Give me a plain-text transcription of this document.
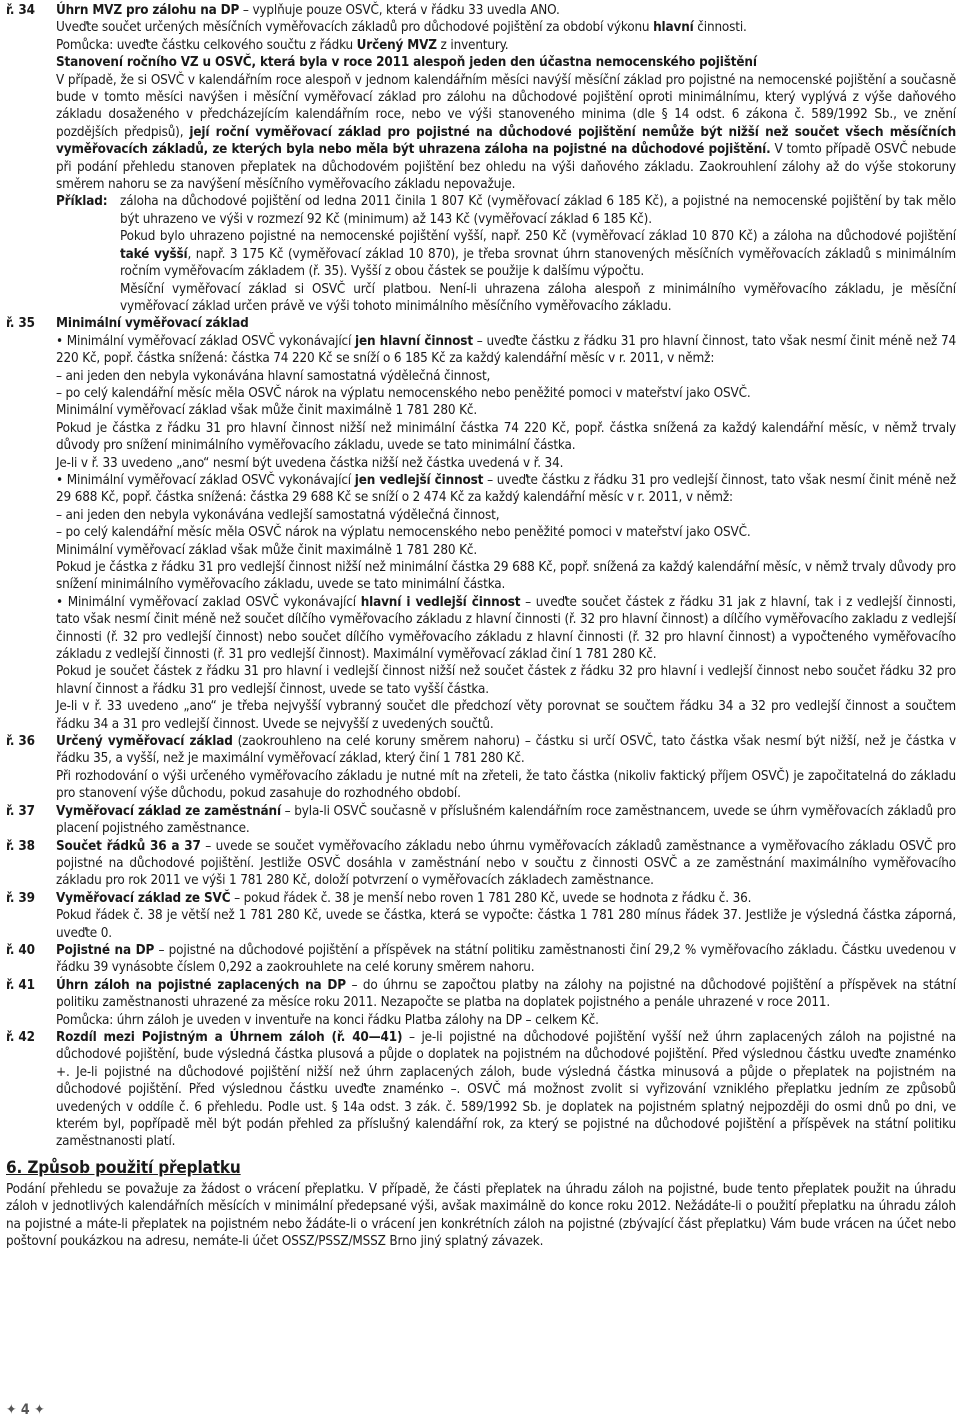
ř. 34	Úhrn MVZ pro zálohu na DP – vyplňuje pouze OSVČ, která v řádku 33 uvedla ANO.

Uveďte součet určených měsíčních vyměřovacích základů pro důchodové pojištění za období výkonu hlavní činnosti.

Pomůcka: uveďte částku celkového součtu z řádku Určený MVZ z inventury.

Stanovení ročního VZ u OSVČ, která byla v roce 2011 alespoň jeden den účastna nemocenského pojištění

V případě, že si OSVČ v kalendářním roce alespoň v jednom kalendářním měsíci navýší měsíční základ pro pojistné na nemocenské pojištění a současně bude v tomto měsíci navýšen i měsíční vyměřovací základ pro zálohu na důchodové pojištění oproti minimálnímu, který vyplývá z výše daňového základu dosaženého v předcházejícím kalendářním roce, nebo ve výši stanoveného minima (dle § 14 odst. 6 zákona č. 589/1992 Sb., ve znění pozdějších předpisů), její roční vyměřovací základ pro pojistné na důchodové pojištění nemůže být nižší než součet všech měsíčních vyměřovacích základů, ze kterých byla nebo měla být uhrazena záloha na pojistné na důchodové pojištění. V tomto případě OSVČ nebude při podání přehledu stanoven přeplatek na důchodovém pojištění bez ohledu na výši daňového základu. Zaokrouhlení zálohy až do výše stokoruny směrem nahoru se za navýšení měsíčního vyměřovacího základu nepovažuje.

Příklad: záloha na důchodové pojištění od ledna 2011 činila 1 807 Kč (vyměřovací základ 6 185 Kč), a pojistné na nemocenské pojištění by tak mělo být uhrazeno ve výši v rozmezí 92 Kč (minimum) až 143 Kč (vyměřovací základ 6 185 Kč).

Pokud bylo uhrazeno pojistné na nemocenské pojištění vyšší, např. 250 Kč (vyměřovací základ 10 870 Kč) a záloha na důchodové pojištění také vyšší, např. 3 175 Kč (vyměřovací základ 10 870), je třeba srovnat úhrn stanovených měsíčních vyměřovacích základů s minimálním ročním vyměřovacím základem (ř. 35). Vyšší z obou částek se použije k dalšímu výpočtu.

Měsíční vyměřovací základ si OSVČ určí platbou. Není-li uhrazena záloha alespoň z minimálního vyměřovacího základu, je měsíční vyměřovací základ určen právě ve výši tohoto minimálního měsíčního vyměřovacího základu.

ř. 35	Minimální vyměřovací základ

• Minimální vyměřovací základ OSVČ vykonávající jen hlavní činnost – uveďte částku z řádku 31 pro hlavní činnost, tato však nesmí činit méně než 74 220 Kč, popř. částka snížená: částka 74 220 Kč se sníží o 6 185 Kč za každý kalendářní měsíc v r. 2011, v němž:

– ani jeden den nebyla vykonávána hlavní samostatná výdělečná činnost,

– po celý kalendářní měsíc měla OSVČ nárok na výplatu nemocenského nebo peněžité pomoci v mateřství jako OSVČ.

Minimální vyměřovací základ však může činit maximálně 1 781 280 Kč.

Pokud je částka z řádku 31 pro hlavní činnost nižší než minimální částka 74 220 Kč, popř. částka snížená za každý kalendářní měsíc, v němž trvaly důvody pro snížení minimálního vyměřovacího základu, uvede se tato minimální částka.

Je-li v ř. 33 uvedeno „ano“ nesmí být uvedena částka nižší než částka uvedená v ř. 34.

• Minimální vyměřovací základ OSVČ vykonávající jen vedlejší činnost – uveďte částku z řádku 31 pro vedlejší činnost, tato však nesmí činit méně než 29 688 Kč, popř. částka snížená: částka 29 688 Kč se sníží o 2 474 Kč za každý kalendářní měsíc v r. 2011, v němž:

– ani jeden den nebyla vykonávána vedlejší samostatná výdělečná činnost,

– po celý kalendářní měsíc měla OSVČ nárok na výplatu nemocenského nebo peněžité pomoci v mateřství jako OSVČ.

Minimální vyměřovací základ však může činit maximálně 1 781 280 Kč.

Pokud je částka z řádku 31 pro vedlejší činnost nižší než minimální částka 29 688 Kč, popř. snížená za každý kalendářní měsíc, v němž trvaly důvody pro snížení minimálního vyměřovacího základu, uvede se tato minimální částka.

• Minimální vyměřovací zaklad OSVČ vykonávající hlavní i vedlejší činnost – uveďte součet částek z řádku 31 jak z hlavní, tak i z vedlejší činnosti, tato však nesmí činit méně než součet dílčího vyměřovacího základu z hlavní činnosti (ř. 32 pro hlavní činnost) a dílčího vyměřovacího zakladu z vedlejší činnosti (ř. 32 pro vedlejší činnost) nebo součet dílčího vyměřovacího základu z hlavní činnosti (ř. 32 pro hlavní činnost) a vypočteného vyměřovacího základu z vedlejší činnosti (ř. 31 pro vedlejší činnost). Maximální vyměřovací základ činí 1 781 280 Kč.

Pokud je součet částek z řádku 31 pro hlavní i vedlejší činnost nižší než součet částek z řádku 32 pro hlavní i vedlejší činnost nebo součet řádku 32 pro hlavní činnost a řádku 31 pro vedlejší činnost, uvede se tato vyšší částka.

Je-li v ř. 33 uvedeno „ano“ je třeba nejvyšší vybranný součet dle předchozí věty porovnat se součtem řádku 34 a 32 pro vedlejší činnost a součtem řádku 34 a 31 pro vedlejší činnost. Uvede se nejvyšší z uvedených součtů.

ř. 36	Určený vyměřovací základ (zaokrouhleno na celé koruny směrem nahoru) – částku si určí OSVČ, tato částka však nesmí být nižší, než je částka v řádku 35, a vyšší, než je maximální vyměřovací základ, který činí 1 781 280 Kč.

Při rozhodování o výši určeného vyměřovacího základu je nutné mít na zřeteli, že tato částka (nikoliv faktický příjem OSVČ) je započitatelná do základu pro stanovení výše důchodu, pokud zasahuje do rozhodného období.

ř. 37	Vyměřovací základ ze zaměstnání – byla-li OSVČ současně v příslušném kalendářním roce zaměstnancem, uvede se úhrn vyměřovacích základů pro placení pojistného zaměstnance.

ř. 38	Součet řádků 36 a 37 – uvede se součet vyměřovacího základu nebo úhrnu vyměřovacích základů zaměstnance a vyměřovacího základu OSVČ pro pojistné na důchodové pojištění. Jestliže OSVČ dosáhla v zaměstnání nebo v součtu z činnosti OSVČ a ze zaměstnání maximálního vyměřovacího základu pro rok 2011 ve výši 1 781 280 Kč, doloží potvrzení o vyměřovacích základech zaměstnance.

ř. 39	Vyměřovací základ ze SVČ – pokud řádek č. 38 je menší nebo roven 1 781 280 Kč, uvede se hodnota z řádku č. 36.

Pokud řádek č. 38 je větší než 1 781 280 Kč, uvede se částka, která se vypočte: částka 1 781 280 mínus řádek 37. Jestliže je výsledná částka záporná, uveďte 0.

ř. 40	Pojistné na DP – pojistné na důchodové pojištění a příspěvek na státní politiku zaměstnanosti činí 29,2 % vyměřovacího základu. Částku uvedenou v řádku 39 vynásobte číslem 0,292 a zaokrouhlete na celé koruny směrem nahoru.

ř. 41	Úhrn záloh na pojistné zaplacených na DP – do úhrnu se započtou platby na zálohy na pojistné na důchodové pojištění a příspěvek na státní politiku zaměstnanosti uhrazené za měsíce roku 2011. Nezapočte se platba na doplatek pojistného a penále uhrazené v roce 2011.

Pomůcka: úhrn záloh je uveden v inventuře na konci řádku Platba zálohy na DP – celkem Kč.

ř. 42	Rozdíl mezi Pojistným a Úhrnem záloh (ř. 40—41) – je-li pojistné na důchodové pojištění vyšší než úhrn zaplacených záloh na pojistné na důchodové pojištění, bude výsledná částka plusová a půjde o doplatek na pojistném na důchodové pojištění. Před výslednou částku uveďte znaménko +. Je-li pojistné na důchodové pojištění nižší než úhrn zaplacených záloh, bude výsledná částka minusová a půjde o přeplatek na pojistném na důchodové pojištění. Před výslednou částku uveďte znaménko –. OSVČ má možnost zvolit si vyřizování vzniklého přeplatku jedním ze způsobů uvedených v oddíle č. 6 přehledu. Podle ust. § 14a odst. 3 zák. č. 589/1992 Sb. je doplatek na pojistném splatný nejpozději do osmi dnů po dni, ve kterém byl, popřípadě měl být podán přehled za příslušný kalendářní rok, za který se pojistné na důchodové pojištění a příspěvek na státní politiku zaměstnanosti platí.

6. Způsob použití přeplatku

Podání přehledu se považuje za žádost o vrácení přeplatku. V případě, že části přeplatek na úhradu záloh na pojistné, bude tento přeplatek použit na úhradu záloh v jednotlivých kalendářních měsících v minimální předepsané výši, avšak maximálně do konce roku 2012. Nežádáte-li o použití přeplatku na úhradu záloh na pojistné a máte-li přeplatek na pojistném nebo žádáte-li o vrácení jen konkrétních záloh na pojistné (zbývající část přeplatku) Vám bude vrácen na účet nebo poštovní poukázkou na adresu, nemáte-li účet OSSZ/PSSZ/MSSZ Brno jiný splatný závazek.

✦ 4 ✦
